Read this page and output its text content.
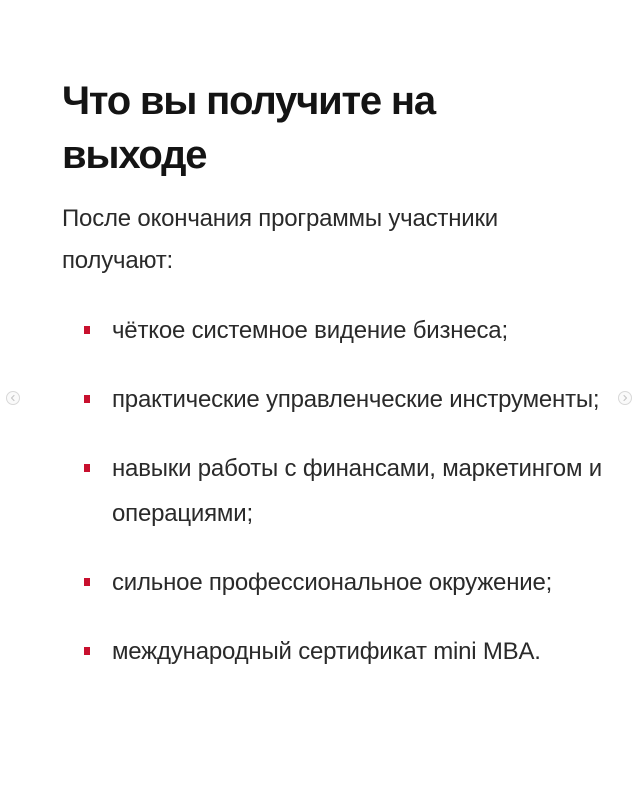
Что вы получите на выходе

После окончания программы участники получают:

чёткое системное видение бизнеса;
практические управленческие инструменты;
навыки работы с финансами, маркетингом и операциями;
сильное профессиональное окружение;
международный сертификат mini MBA.
